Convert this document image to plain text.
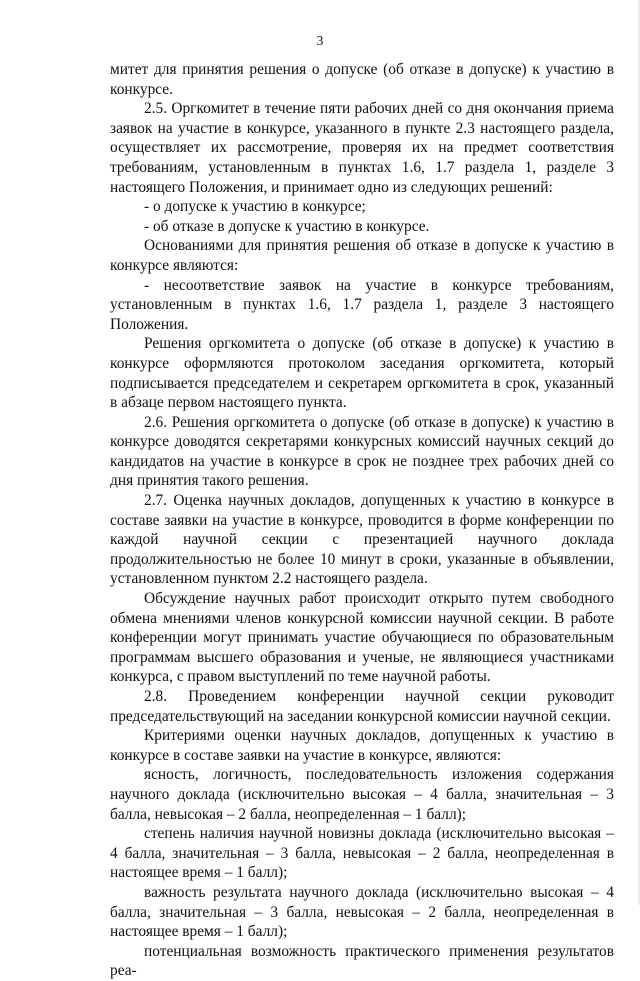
3

митет для принятия решения о допуске (об отказе в допуске) к участию в конкурсе.

2.5. Оргкомитет в течение пяти рабочих дней со дня окончания приема заявок на участие в конкурсе, указанного в пункте 2.3 настоящего раздела, осуществляет их рассмотрение, проверяя их на предмет соответствия требованиям, установленным в пунктах 1.6, 1.7 раздела 1, разделе 3 настоящего Положения, и принимает одно из следующих решений:

- о допуске к участию в конкурсе;

- об отказе в допуске к участию в конкурсе.

Основаниями для принятия решения об отказе в допуске к участию в конкурсе являются:

- несоответствие заявок на участие в конкурсе требованиям, установленным в пунктах 1.6, 1.7 раздела 1, разделе 3 настоящего Положения.

Решения оргкомитета о допуске (об отказе в допуске) к участию в конкурсе оформляются протоколом заседания оргкомитета, который подписывается председателем и секретарем оргкомитета в срок, указанный в абзаце первом настоящего пункта.

2.6. Решения оргкомитета о допуске (об отказе в допуске) к участию в конкурсе доводятся секретарями конкурсных комиссий научных секций до кандидатов на участие в конкурсе в срок не позднее трех рабочих дней со дня принятия такого решения.

2.7. Оценка научных докладов, допущенных к участию в конкурсе в составе заявки на участие в конкурсе, проводится в форме конференции по каждой научной секции с презентацией научного доклада продолжительностью не более 10 минут в сроки, указанные в объявлении, установленном пунктом 2.2 настоящего раздела.

Обсуждение научных работ происходит открыто путем свободного обмена мнениями членов конкурсной комиссии научной секции. В работе конференции могут принимать участие обучающиеся по образовательным программам высшего образования и ученые, не являющиеся участниками конкурса, с правом выступлений по теме научной работы.

2.8. Проведением конференции научной секции руководит председательствующий на заседании конкурсной комиссии научной секции.

Критериями оценки научных докладов, допущенных к участию в конкурсе в составе заявки на участие в конкурсе, являются:

ясность, логичность, последовательность изложения содержания научного доклада (исключительно высокая – 4 балла, значительная – 3 балла, невысокая – 2 балла, неопределенная – 1 балл);

степень наличия научной новизны доклада (исключительно высокая – 4 балла, значительная – 3 балла, невысокая – 2 балла, неопределенная в настоящее время – 1 балл);

важность результата научного доклада (исключительно высокая – 4 балла, значительная – 3 балла, невысокая – 2 балла, неопределенная в настоящее время – 1 балл);

потенциальная возможность практического применения результатов реа-
